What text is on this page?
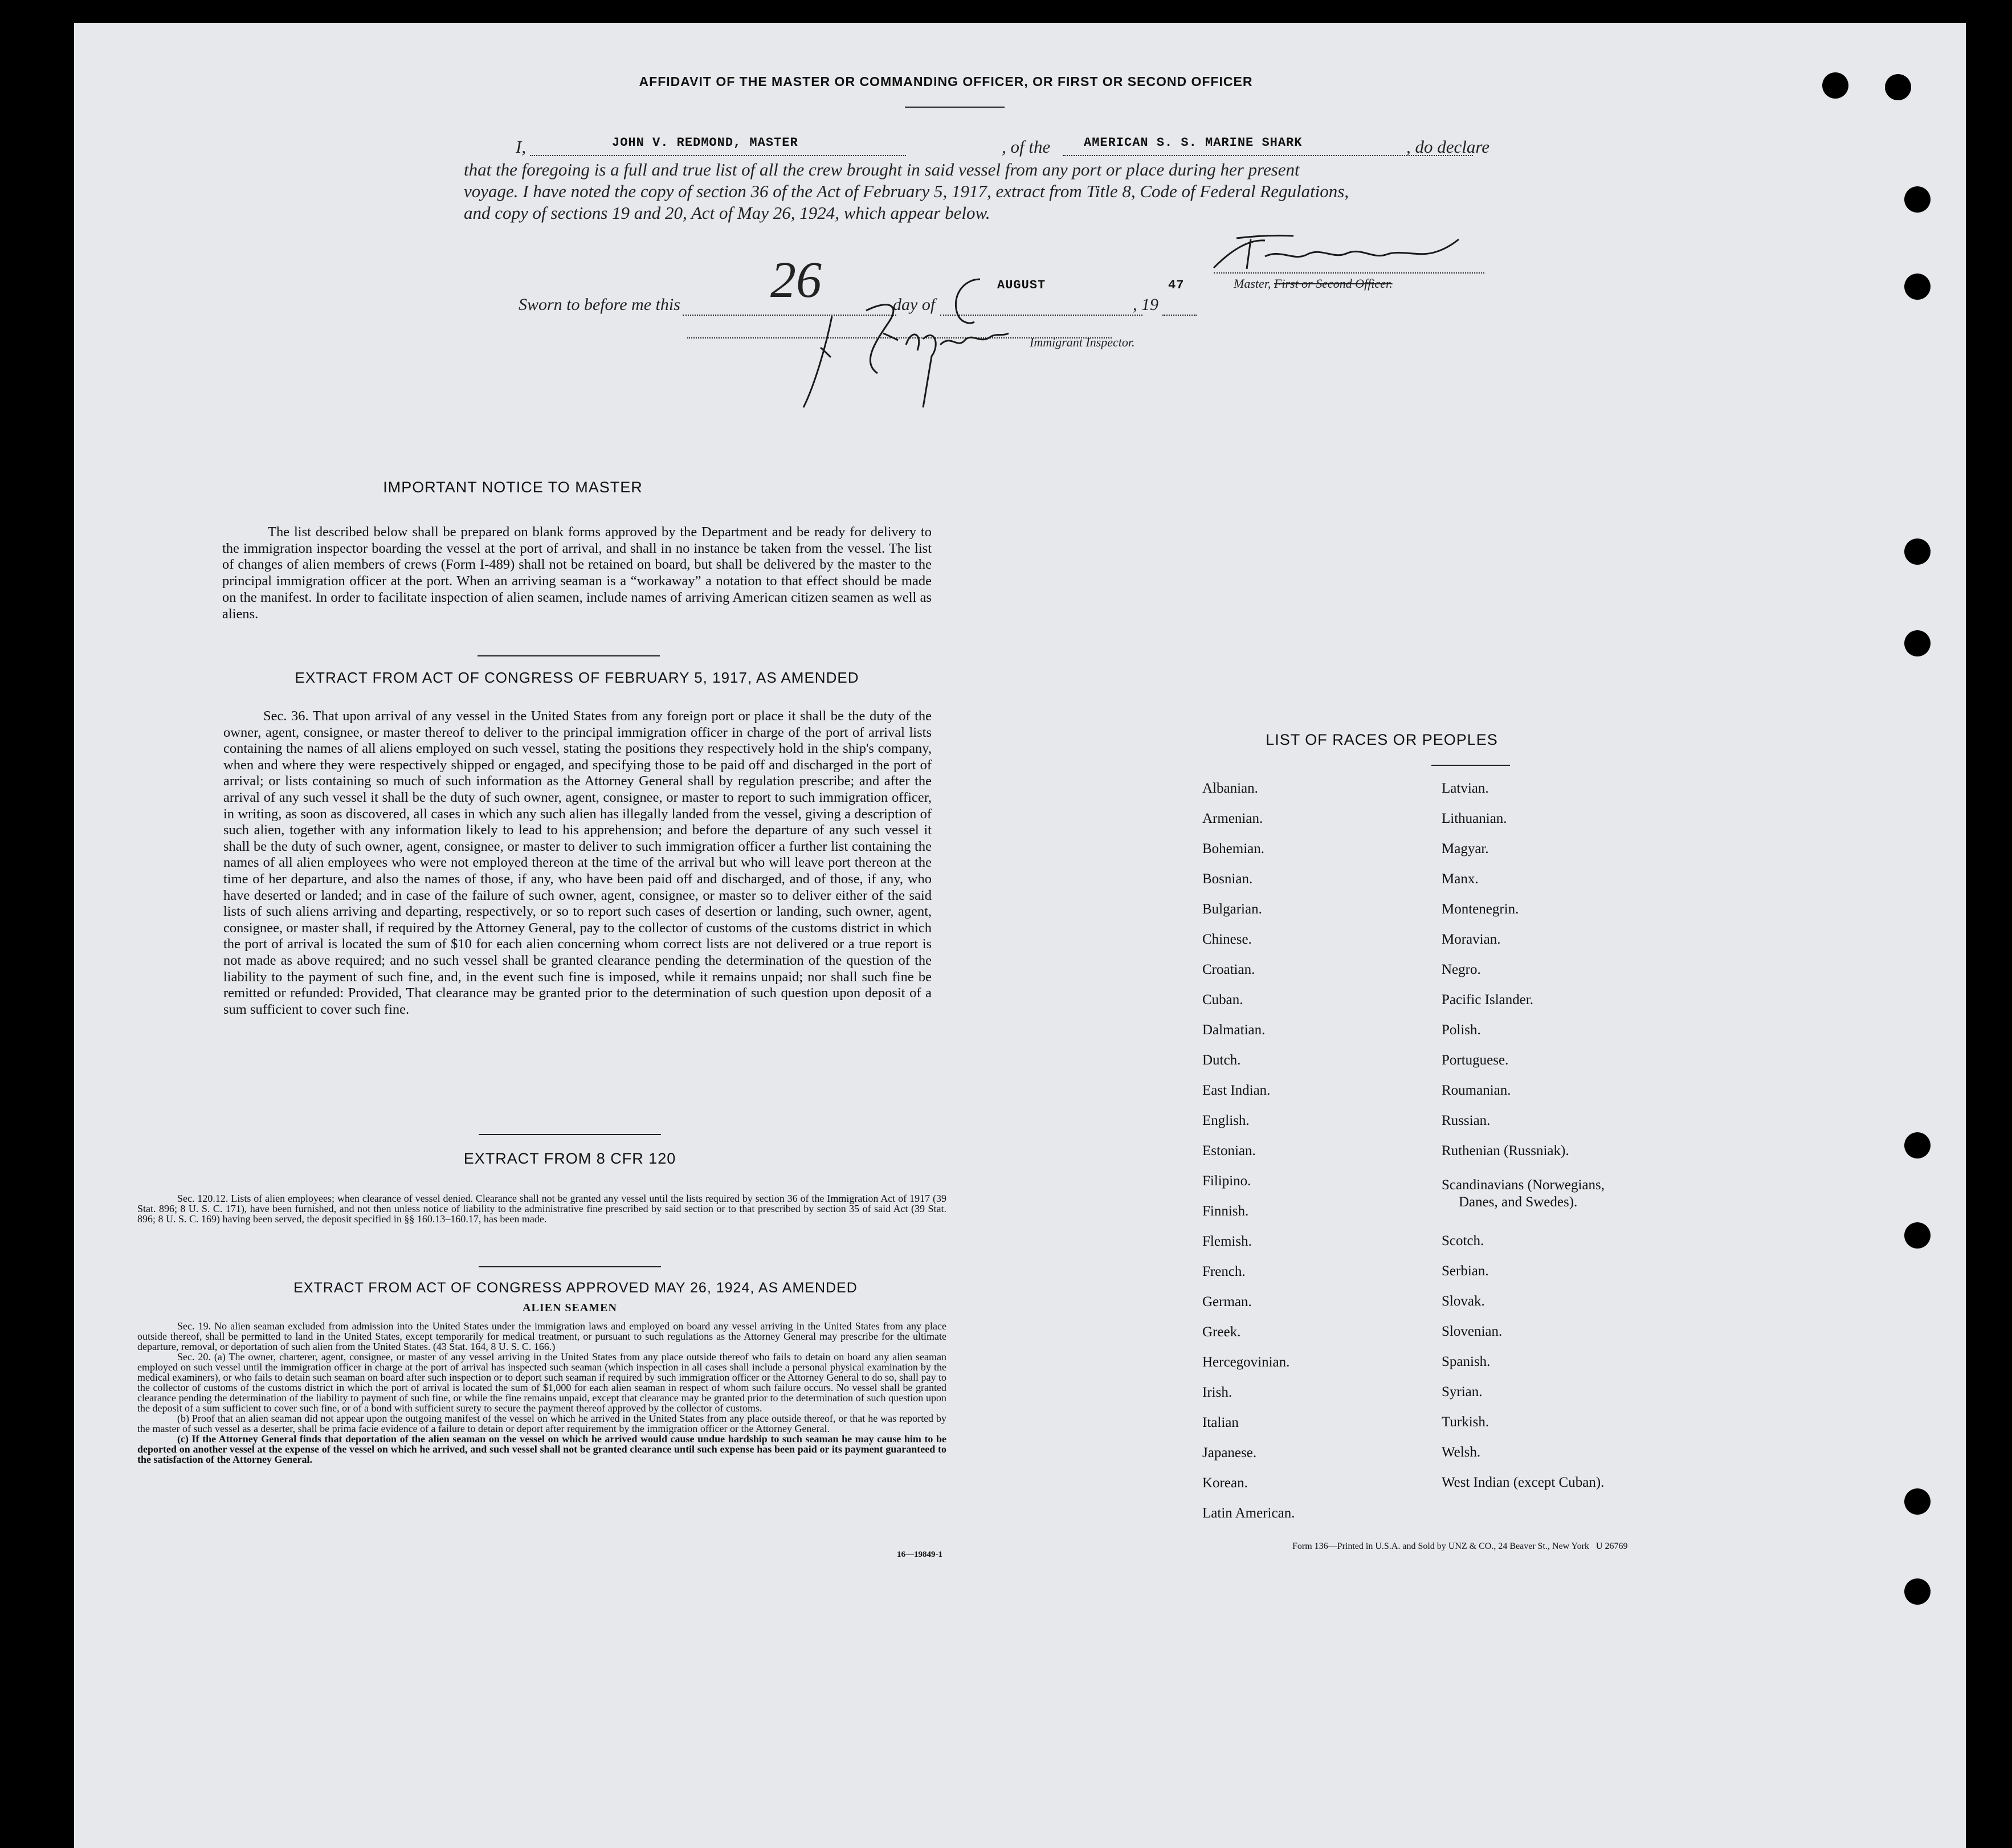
AFFIDAVIT OF THE MASTER OR COMMANDING OFFICER, OR FIRST OR SECOND OFFICER
I,	JOHN V. REDMOND, MASTER	, of the	AMERICAN S. S. MARINE SHARK	, do declare
that the foregoing is a full and true list of all the crew brought in said vessel from any port or place during her present
voyage. I have noted the copy of section 36 of the Act of February 5, 1917, extract from Title 8, Code of Federal Regulations,
and copy of sections 19 and 20, Act of May 26, 1924, which appear below.
Master, First or Second Officer.
Sworn to before me this 26	day of
AUGUST
, 19
47
Immigrant Inspector.
IMPORTANT NOTICE TO MASTER
The list described below shall be prepared on blank forms approved by the Department and be ready for delivery to the immigration inspector boarding the vessel at the port of arrival, and shall in no instance be taken from the vessel. The list of changes of alien members of crews (Form I-489) shall not be retained on board, but shall be delivered by the master to the principal immigration officer at the port. When an arriving seaman is a “workaway” a notation to that effect should be made on the manifest. In order to facilitate inspection of alien seamen, include names of arriving American citizen seamen as well as aliens.
EXTRACT FROM ACT OF CONGRESS OF FEBRUARY 5, 1917, AS AMENDED
Sec. 36. That upon arrival of any vessel in the United States from any foreign port or place it shall be the duty of the owner, agent, consignee, or master thereof to deliver to the principal immigration officer in charge of the port of arrival lists containing the names of all aliens employed on such vessel, stating the positions they respectively hold in the ship's company, when and where they were respectively shipped or engaged, and specifying those to be paid off and discharged in the port of arrival; or lists containing so much of such information as the Attorney General shall by regulation prescribe; and after the arrival of any such vessel it shall be the duty of such owner, agent, consignee, or master to report to such immigration officer, in writing, as soon as discovered, all cases in which any such alien has illegally landed from the vessel, giving a description of such alien, together with any information likely to lead to his apprehension; and before the departure of any such vessel it shall be the duty of such owner, agent, consignee, or master to deliver to such immigration officer a further list containing the names of all alien employees who were not employed thereon at the time of the arrival but who will leave port thereon at the time of her departure, and also the names of those, if any, who have been paid off and discharged, and of those, if any, who have deserted or landed; and in case of the failure of such owner, agent, consignee, or master so to deliver either of the said lists of such aliens arriving and departing, respectively, or so to report such cases of desertion or landing, such owner, agent, consignee, or master shall, if required by the Attorney General, pay to the collector of customs of the customs district in which the port of arrival is located the sum of $10 for each alien concerning whom correct lists are not delivered or a true report is not made as above required; and no such vessel shall be granted clearance pending the determination of the question of the liability to the payment of such fine, and, in the event such fine is imposed, while it remains unpaid; nor shall such fine be remitted or refunded: Provided, That clearance may be granted prior to the determination of such question upon deposit of a sum sufficient to cover such fine.
EXTRACT FROM 8 CFR 120
Sec. 120.12. Lists of alien employees; when clearance of vessel denied. Clearance shall not be granted any vessel until the lists required by section 36 of the Immigration Act of 1917 (39 Stat. 896; 8 U. S. C. 171), have been furnished, and not then unless notice of liability to the administrative fine prescribed by said section or to that prescribed by section 35 of said Act (39 Stat. 896; 8 U. S. C. 169) having been served, the deposit specified in §§ 160.13–160.17, has been made.
EXTRACT FROM ACT OF CONGRESS APPROVED MAY 26, 1924, AS AMENDED
ALIEN SEAMEN
Sec. 19. No alien seaman excluded from admission into the United States under the immigration laws and employed on board any vessel arriving in the United States from any place outside thereof, shall be permitted to land in the United States, except temporarily for medical treatment, or pursuant to such regulations as the Attorney General may prescribe for the ultimate departure, removal, or deportation of such alien from the United States. (43 Stat. 164, 8 U. S. C. 166.)
Sec. 20. (a) The owner, charterer, agent, consignee, or master of any vessel arriving in the United States from any place outside thereof who fails to detain on board any alien seaman employed on such vessel until the immigration officer in charge at the port of arrival has inspected such seaman (which inspection in all cases shall include a personal physical examination by the medical examiners), or who fails to detain such seaman on board after such inspection or to deport such seaman if required by such immigration officer or the Attorney General to do so, shall pay to the collector of customs of the customs district in which the port of arrival is located the sum of $1,000 for each alien seaman in respect of whom such failure occurs. No vessel shall be granted clearance pending the determination of the liability to payment of such fine, or while the fine remains unpaid, except that clearance may be granted prior to the determination of such question upon the deposit of a sum sufficient to cover such fine, or of a bond with sufficient surety to secure the payment thereof approved by the collector of customs.
(b) Proof that an alien seaman did not appear upon the outgoing manifest of the vessel on which he arrived in the United States from any place outside thereof, or that he was reported by the master of such vessel as a deserter, shall be prima facie evidence of a failure to detain or deport after requirement by the immigration officer or the Attorney General.
(c) If the Attorney General finds that deportation of the alien seaman on the vessel on which he arrived would cause undue hardship to such seaman he may cause him to be deported on another vessel at the expense of the vessel on which he arrived, and such vessel shall not be granted clearance until such expense has been paid or its payment guaranteed to the satisfaction of the Attorney General.
16—19849-1
LIST OF RACES OR PEOPLES
Albanian.
Armenian.
Bohemian.
Bosnian.
Bulgarian.
Chinese.
Croatian.
Cuban.
Dalmatian.
Dutch.
East Indian.
English.
Estonian.
Filipino.
Finnish.
Flemish.
French.
German.
Greek.
Hercegovinian.
Irish.
Italian
Japanese.
Korean.
Latin American.
Latvian.
Lithuanian.
Magyar.
Manx.
Montenegrin.
Moravian.
Negro.
Pacific Islander.
Polish.
Portuguese.
Roumanian.
Russian.
Ruthenian (Russniak).
Scandinavians (Norwegians,
Danes, and Swedes).
Scotch.
Serbian.
Slovak.
Slovenian.
Spanish.
Syrian.
Turkish.
Welsh.
West Indian (except Cuban).
Form 136—Printed in U.S.A. and Sold by UNZ & CO., 24 Beaver St., New York   U 26769
